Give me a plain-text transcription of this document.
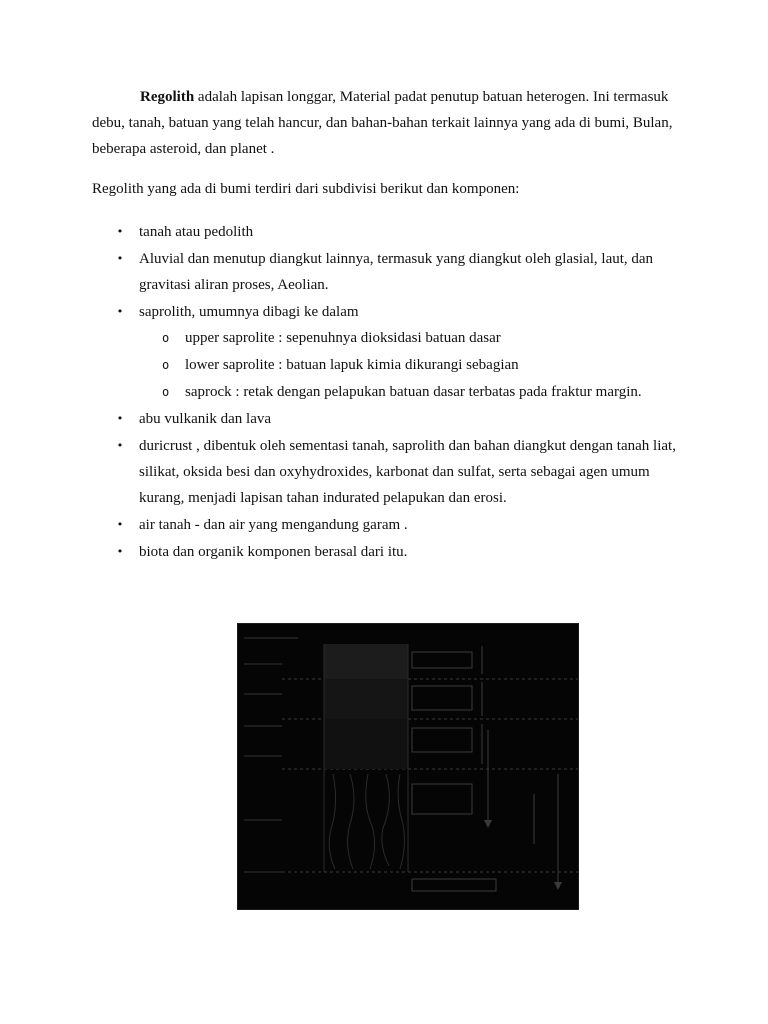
Regolith adalah lapisan longgar, Material padat penutup batuan heterogen. Ini termasuk debu, tanah, batuan yang telah hancur, dan bahan-bahan terkait lainnya yang ada di bumi, Bulan, beberapa asteroid, dan planet .

Regolith yang ada di bumi terdiri dari subdivisi berikut dan komponen:

• tanah atau pedolith
• Aluvial dan menutup diangkut lainnya, termasuk yang diangkut oleh glasial, laut, dan gravitasi aliran proses, Aeolian.
• saprolith, umumnya dibagi ke dalam
o upper saprolite : sepenuhnya dioksidasi batuan dasar
o lower saprolite : batuan lapuk kimia dikurangi sebagian
o saprock : retak dengan pelapukan batuan dasar terbatas pada fraktur margin.
• abu vulkanik dan lava
• duricrust , dibentuk oleh sementasi tanah, saprolith dan bahan diangkut dengan tanah liat, silikat, oksida besi dan oxyhydroxides, karbonat dan sulfat, serta sebagai agen umum kurang, menjadi lapisan tahan indurated pelapukan dan erosi.
• air tanah - dan air yang mengandung garam .
• biota dan organik komponen berasal dari itu.
